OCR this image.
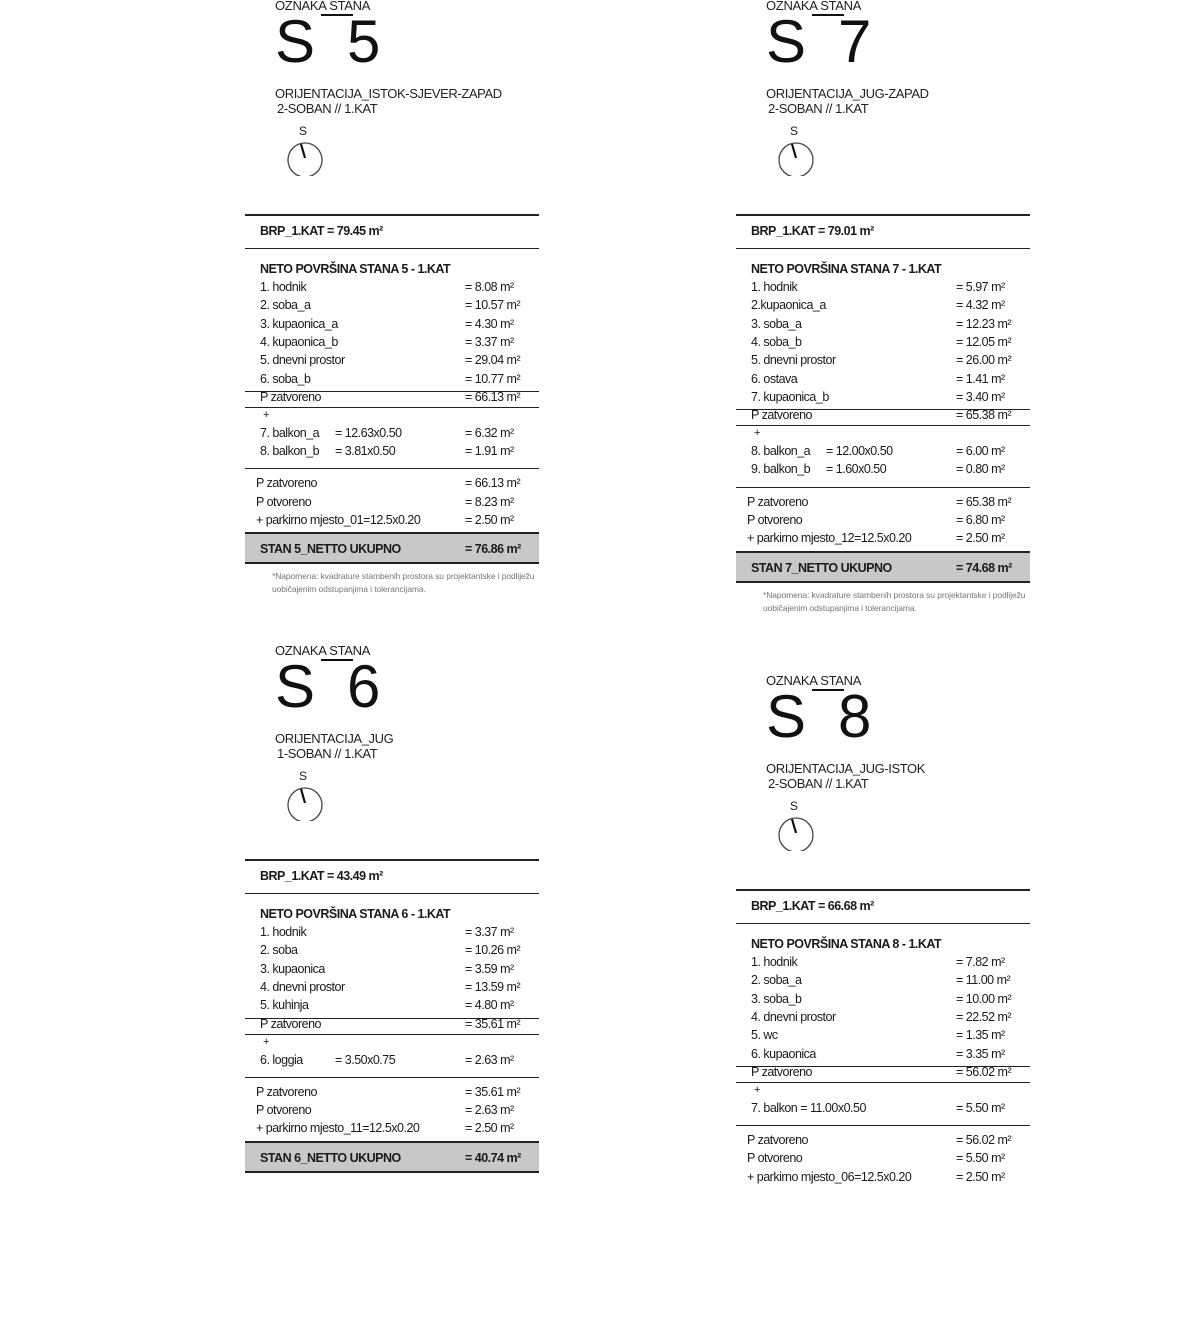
OZNAKA STANA
S 5
ORIJENTACIJA_ISTOK-SJEVER-ZAPAD
2-SOBAN // 1.KAT
S
BRP_1.KAT = 79.45 m²
NETO POVRŠINA STANA 5 - 1.KAT
1. hodnik	= 8.08 m²
2. soba_a	= 10.57 m²
3. kupaonica_a	= 4.30 m²
4. kupaonica_b	= 3.37 m²
5. dnevni prostor	= 29.04 m²
6. soba_b	= 10.77 m²
P zatvoreno	= 66.13 m²
+
7. balkon_a = 12.63x0.50	= 6.32 m²
8. balkon_b = 3.81x0.50	= 1.91 m²
P zatvoreno	= 66.13 m²
P otvoreno	= 8.23 m²
+ parkirno mjesto_01=12.5x0.20	= 2.50 m²
STAN 5_NETTO UKUPNO	= 76.86 m²
*Napomena: kvadrature stambenih prostora su projektantske i podliježu uobičajenim odstupanjima i tolerancijama.
OZNAKA STANA
S 7
ORIJENTACIJA_JUG-ZAPAD
2-SOBAN // 1.KAT
S
BRP_1.KAT = 79.01 m²
NETO POVRŠINA STANA 7 - 1.KAT
1. hodnik	= 5.97 m²
2.kupaonica_a	= 4.32 m²
3. soba_a	= 12.23 m²
4. soba_b	= 12.05 m²
5. dnevni prostor	= 26.00 m²
6. ostava	= 1.41 m²
7. kupaonica_b	= 3.40 m²
P zatvoreno	= 65.38 m²
+
8. balkon_a = 12.00x0.50	= 6.00 m²
9. balkon_b = 1.60x0.50	= 0.80 m²
P zatvoreno	= 65.38 m²
P otvoreno	= 6.80 m²
+ parkirno mjesto_12=12.5x0.20	= 2.50 m²
STAN 7_NETTO UKUPNO	= 74.68 m²
*Napomena: kvadrature stambenih prostora su projektantske i podliježu uobičajenim odstupanjima i tolerancijama.
OZNAKA STANA
S 6
ORIJENTACIJA_JUG
1-SOBAN // 1.KAT
S
BRP_1.KAT = 43.49 m²
NETO POVRŠINA STANA 6 - 1.KAT
1. hodnik	= 3.37 m²
2. soba	= 10.26 m²
3. kupaonica	= 3.59 m²
4. dnevni prostor	= 13.59 m²
5. kuhinja	= 4.80 m²
P zatvoreno	= 35.61 m²
+
6. loggia	= 3.50x0.75	= 2.63 m²
P zatvoreno	= 35.61 m²
P otvoreno	= 2.63 m²
+ parkirno mjesto_11=12.5x0.20	= 2.50 m²
STAN 6_NETTO UKUPNO	= 40.74 m²
OZNAKA STANA
S 8
ORIJENTACIJA_JUG-ISTOK
2-SOBAN // 1.KAT
S
BRP_1.KAT = 66.68 m²
NETO POVRŠINA STANA 8 - 1.KAT
1. hodnik	= 7.82 m²
2. soba_a	= 11.00 m²
3. soba_b	= 10.00 m²
4. dnevni prostor	= 22.52 m²
5. wc	= 1.35 m²
6. kupaonica	= 3.35 m²
P zatvoreno	= 56.02 m²
+
7. balkon = 11.00x0.50	= 5.50 m²
P zatvoreno	= 56.02 m²
P otvoreno	= 5.50 m²
+ parkirno mjesto_06=12.5x0.20	= 2.50 m²
